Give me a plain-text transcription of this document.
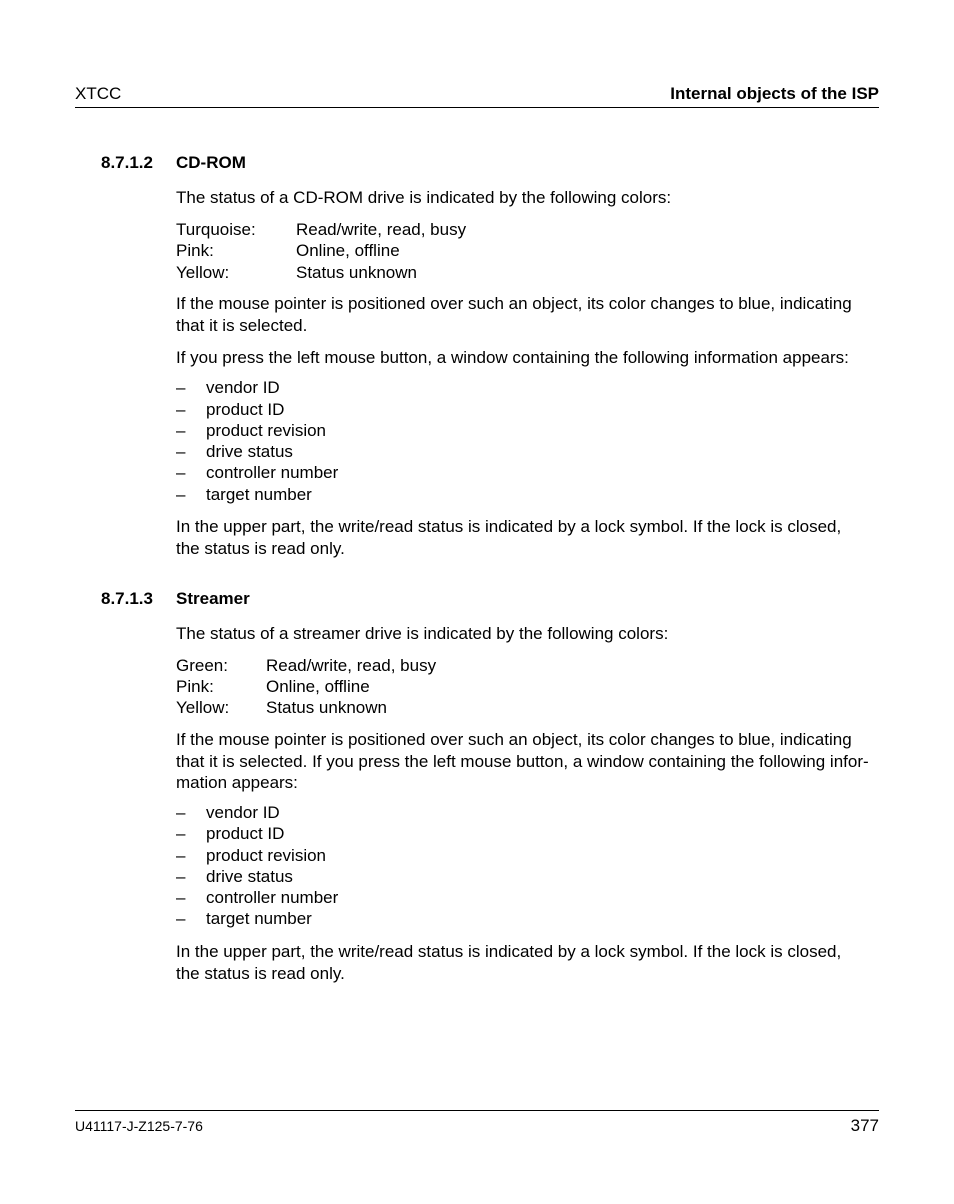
XTCC	Internal objects of the ISP
8.7.1.2 CD-ROM
The status of a CD-ROM drive is indicated by the following colors:
Turquoise: Read/write, read, busy
Pink:	Online, offline
Yellow:	Status unknown
If the mouse pointer is positioned over such an object, its color changes to blue, indicating
that it is selected.
If you press the left mouse button, a window containing the following information appears:
– vendor ID
– product ID
– product revision
– drive status
– controller number
– target number
In the upper part, the write/read status is indicated by a lock symbol. If the lock is closed,
the status is read only.
8.7.1.3 Streamer
The status of a streamer drive is indicated by the following colors:
Green: Read/write, read, busy
Pink:	Online, offline
Yellow: Status unknown
If the mouse pointer is positioned over such an object, its color changes to blue, indicating
that it is selected. If you press the left mouse button, a window containing the following infor-
mation appears:
– vendor ID
– product ID
– product revision
– drive status
– controller number
– target number
In the upper part, the write/read status is indicated by a lock symbol. If the lock is closed,
the status is read only.
U41117-J-Z125-7-76	377
